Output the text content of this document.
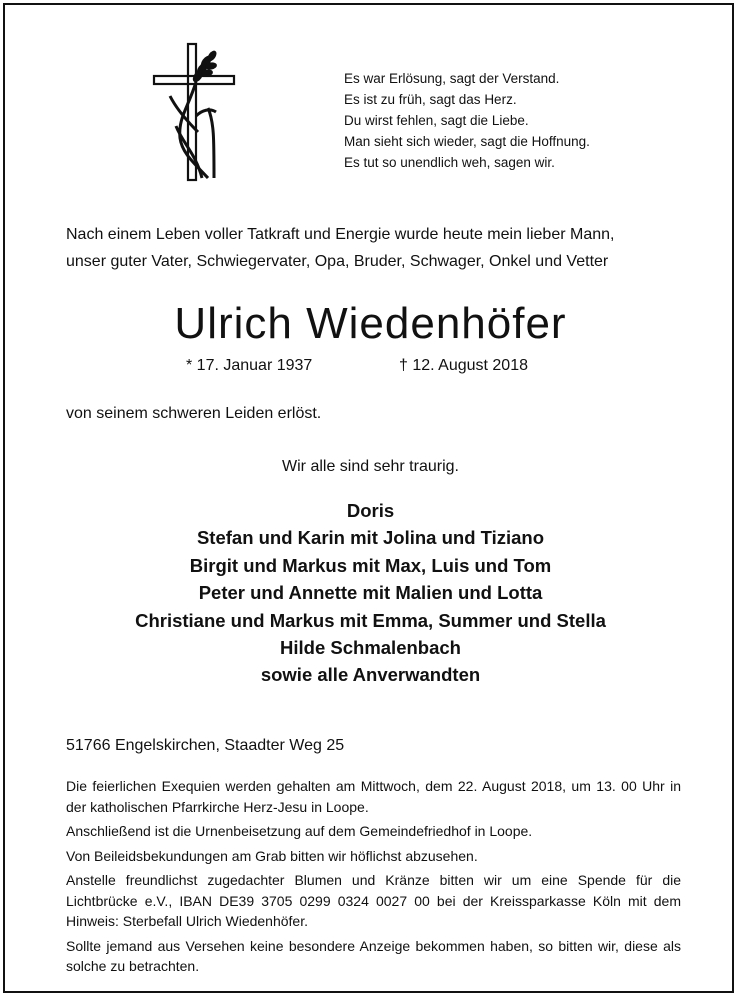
Es war Erlösung, sagt der Verstand.
Es ist zu früh, sagt das Herz.
Du wirst fehlen, sagt die Liebe.
Man sieht sich wieder, sagt die Hoffnung.
Es tut so unendlich weh, sagen wir.
Nach einem Leben voller Tatkraft und Energie wurde heute mein lieber Mann,
unser guter Vater, Schwiegervater, Opa, Bruder, Schwager, Onkel und Vetter
Ulrich Wiedenhöfer
* 17. Januar 1937	† 12. August 2018
von seinem schweren Leiden erlöst.
Wir alle sind sehr traurig.
Doris
Stefan und Karin mit Jolina und Tiziano
Birgit und Markus mit Max, Luis und Tom
Peter und Annette mit Malien und Lotta
Christiane und Markus mit Emma, Summer und Stella
Hilde Schmalenbach
sowie alle Anverwandten
51766 Engelskirchen, Staadter Weg 25

Die feierlichen Exequien werden gehalten am Mittwoch, dem 22. August 2018, um 13. 00 Uhr in der katholischen Pfarrkirche Herz-Jesu in Loope.

Anschließend ist die Urnenbeisetzung auf dem Gemeindefriedhof in Loope.

Von Beileidsbekundungen am Grab bitten wir höflichst abzusehen.

Anstelle freundlichst zugedachter Blumen und Kränze bitten wir um eine Spende für die Lichtbrücke e.V., IBAN DE39 3705 0299 0324 0027 00 bei der Kreissparkasse Köln mit dem Hinweis: Sterbefall Ulrich Wiedenhöfer.

Sollte jemand aus Versehen keine besondere Anzeige bekommen haben, so bitten wir, diese als solche zu betrachten.
